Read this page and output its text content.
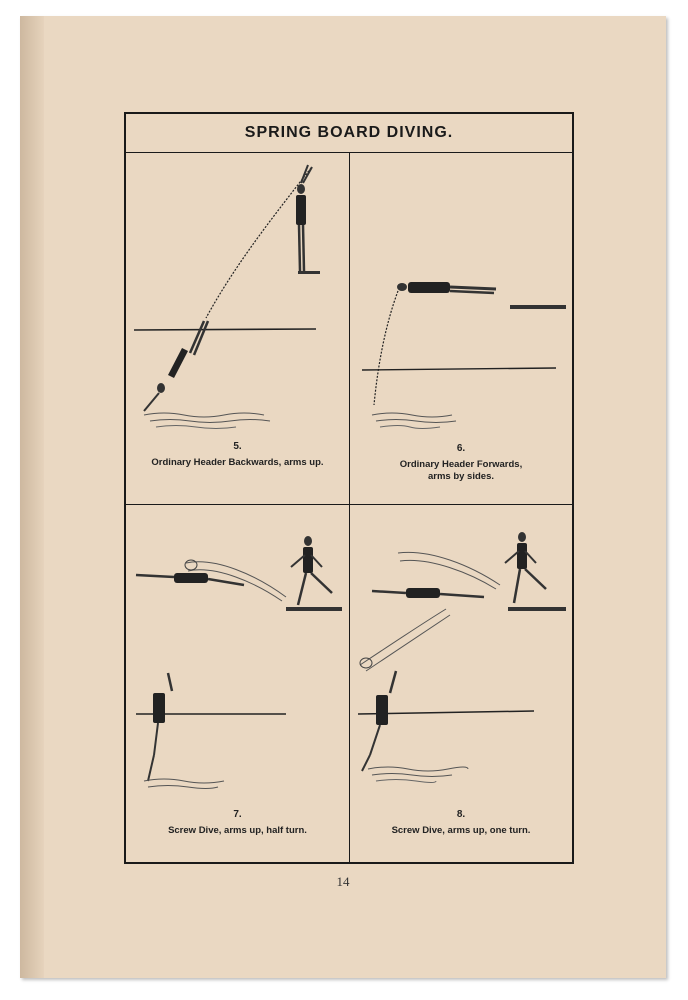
SPRING BOARD DIVING.
5.
Ordinary Header Backwards, arms up.
6.
Ordinary Header Forwards,
arms by sides.
7.
Screw Dive, arms up, half turn.
8.
Screw Dive, arms up, one turn.
14
